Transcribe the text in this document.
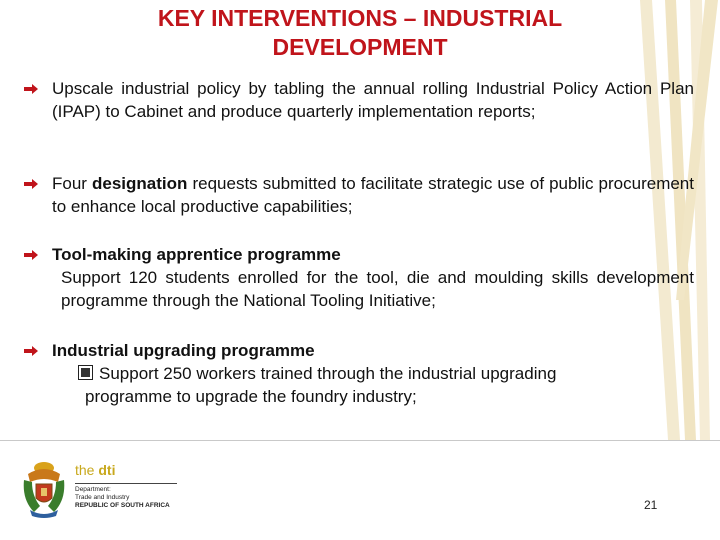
KEY INTERVENTIONS – INDUSTRIAL
DEVELOPMENT
Upscale industrial policy by tabling the annual rolling Industrial Policy Action Plan (IPAP) to Cabinet and produce quarterly implementation reports;
Four designation requests submitted to facilitate strategic use of public procurement to enhance local productive capabilities;
Tool-making apprentice programme
Support 120 students enrolled for the tool, die and moulding skills development programme through the National Tooling Initiative;
Industrial upgrading programme
Support 250 workers trained through the industrial upgrading
programme to upgrade the foundry industry;
the dti
Department:
Trade and Industry
REPUBLIC OF SOUTH AFRICA	21
